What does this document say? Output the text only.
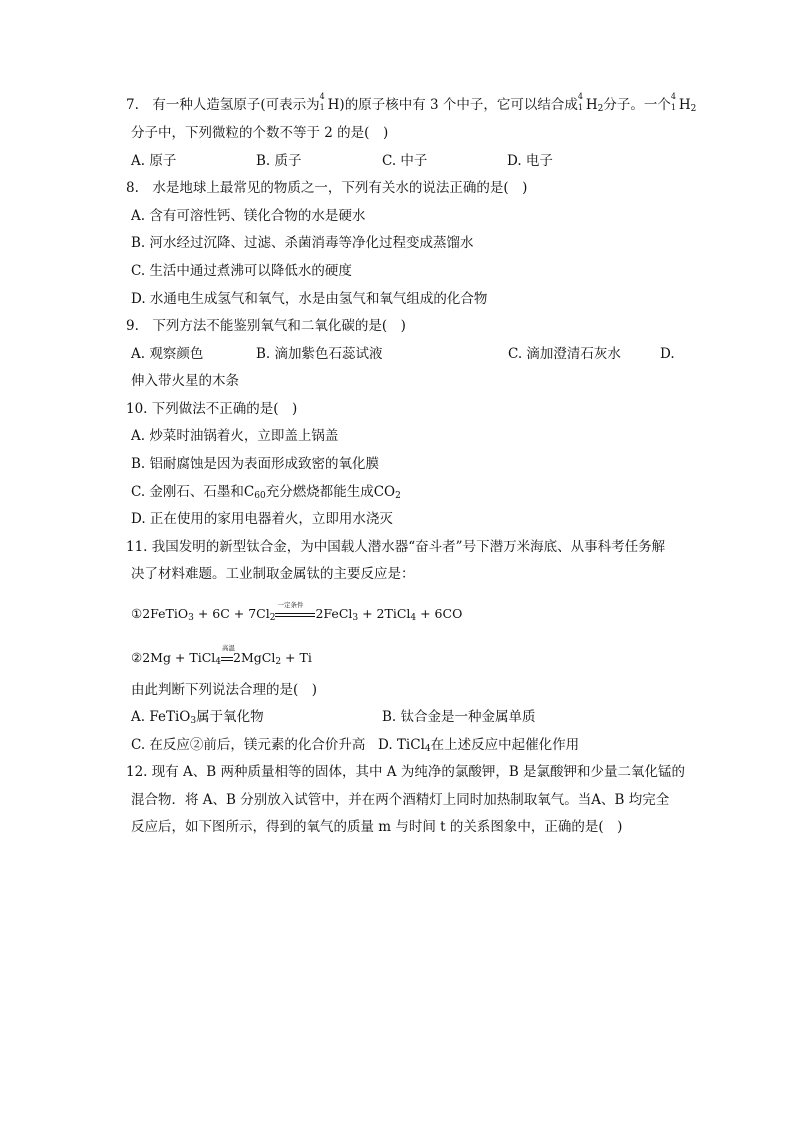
7.　有一种人造氢原子(可表示为
4
1 H)的原子核中有 3 个中子，它可以结合成
4
1 $H_2$分子。一个
4
1 $H_2$
分子中，下列微粒的个数不等于 2 的是(　)
A. 原子	B. 质子	C. 中子	D. 电子
8.　水是地球上最常见的物质之一，下列有关水的说法正确的是(　)
A. 含有可溶性钙、镁化合物的水是硬水
B. 河水经过沉降、过滤、杀菌消毒等净化过程变成蒸馏水
C. 生活中通过煮沸可以降低水的硬度
D. 水通电生成氢气和氧气，水是由氢气和氧气组成的化合物
9.　下列方法不能鉴别氧气和二氧化碳的是(　)
A. 观察颜色	B. 滴加紫色石蕊试液	C. 滴加澄清石灰水	D.
伸入带火星的木条
10. 下列做法不正确的是(　)
A. 炒菜时油锅着火，立即盖上锅盖
B. 铝耐腐蚀是因为表面形成致密的氧化膜
C. 金刚石、石墨和$C_{60}$充分燃烧都能生成$CO_2$
D. 正在使用的家用电器着火，立即用水浇灭
11. 我国发明的新型钛合金，为中国载人潜水器“奋斗者”号下潜万米海底、从事科考任务解
决了材料难题。工业制取金属钛的主要反应是：
①2FeTiO$_3$ + $6C + 7Cl_2$
一定条件
2FeCl$_3$ + 2TiCl$_4$ + 6CO
②2Mg + TiCl$_4$
高温
2MgCl$_2$ + Ti
由此判断下列说法合理的是(　)
A. FeTiO$_3$属于氧化物	B. 钛合金是一种金属单质
C. 在反应②前后，镁元素的化合价升高 D. TiCl$_4$在上述反应中起催化作用
12. 现有 A、B 两种质量相等的固体，其中 A 为纯净的氯酸钾，B 是氯酸钾和少量二氧化锰的
混合物．将 A、B 分别放入试管中，并在两个酒精灯上同时加热制取氧气。当A、B 均完全
反应后，如下图所示，得到的氧气的质量 m 与时间 t 的关系图象中，正确的是(　)
